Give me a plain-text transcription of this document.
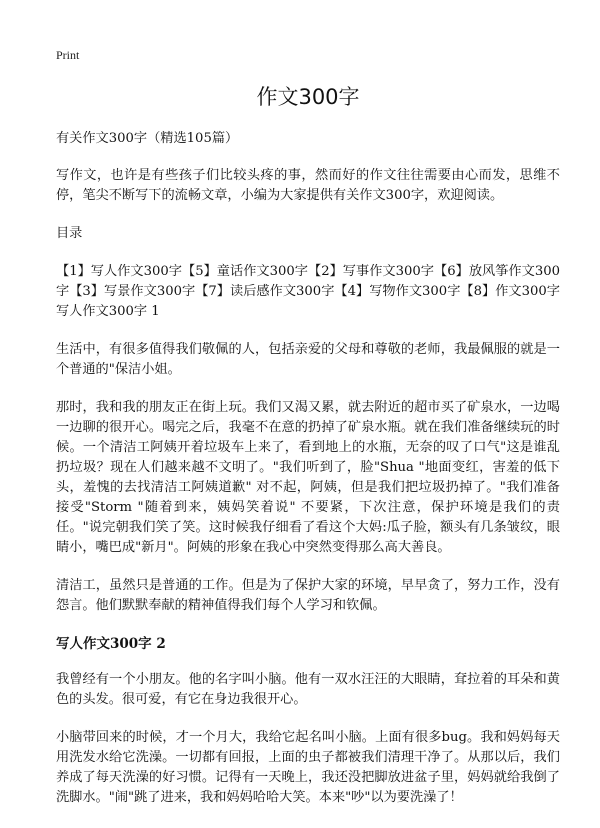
Print
作文300字

有关作文300字（精选105篇）

写作文，也许是有些孩子们比较头疼的事，然而好的作文往往需要由心而发，思维不停，笔尖不断写下的流畅文章，小编为大家提供有关作文300字，欢迎阅读。

目录

【1】写人作文300字【5】童话作文300字【2】写事作文300字【6】放风筝作文300字【3】写景作文300字【7】读后感作文300字【4】写物作文300字【8】作文300字写人作文300字 1

生活中，有很多值得我们敬佩的人，包括亲爱的父母和尊敬的老师，我最佩服的就是一个普通的"保洁小姐。

那时，我和我的朋友正在街上玩。我们又渴又累，就去附近的超市买了矿泉水，一边喝一边聊的很开心。喝完之后，我毫不在意的扔掉了矿泉水瓶。就在我们准备继续玩的时候。一个清洁工阿姨开着垃圾车上来了，看到地上的水瓶，无奈的叹了口气"这是谁乱扔垃圾？现在人们越来越不文明了。"我们听到了，脸"Shua "地面变红，害羞的低下头，羞愧的去找清洁工阿姨道歉" 对不起，阿姨，但是我们把垃圾扔掉了。"我们准备接受"Storm "随着到来，姨妈笑着说" 不要紧，下次注意，保护环境是我们的责任。"说完朝我们笑了笑。这时候我仔细看了看这个大妈:瓜子脸，额头有几条皱纹，眼睛小，嘴巴成"新月"。阿姨的形象在我心中突然变得那么高大善良。

清洁工，虽然只是普通的工作。但是为了保护大家的环境，早早贪了，努力工作，没有怨言。他们默默奉献的精神值得我们每个人学习和钦佩。

写人作文300字 2

我曾经有一个小朋友。他的名字叫小脑。他有一双水汪汪的大眼睛，耷拉着的耳朵和黄色的头发。很可爱，有它在身边我很开心。

小脑带回来的时候，才一个月大，我给它起名叫小脑。上面有很多bug。我和妈妈每天用洗发水给它洗澡。一切都有回报，上面的虫子都被我们清理干净了。从那以后，我们养成了每天洗澡的好习惯。记得有一天晚上，我还没把脚放进盆子里，妈妈就给我倒了洗脚水。"闹"跳了进来，我和妈妈哈哈大笑。本来"吵"以为要洗澡了！
